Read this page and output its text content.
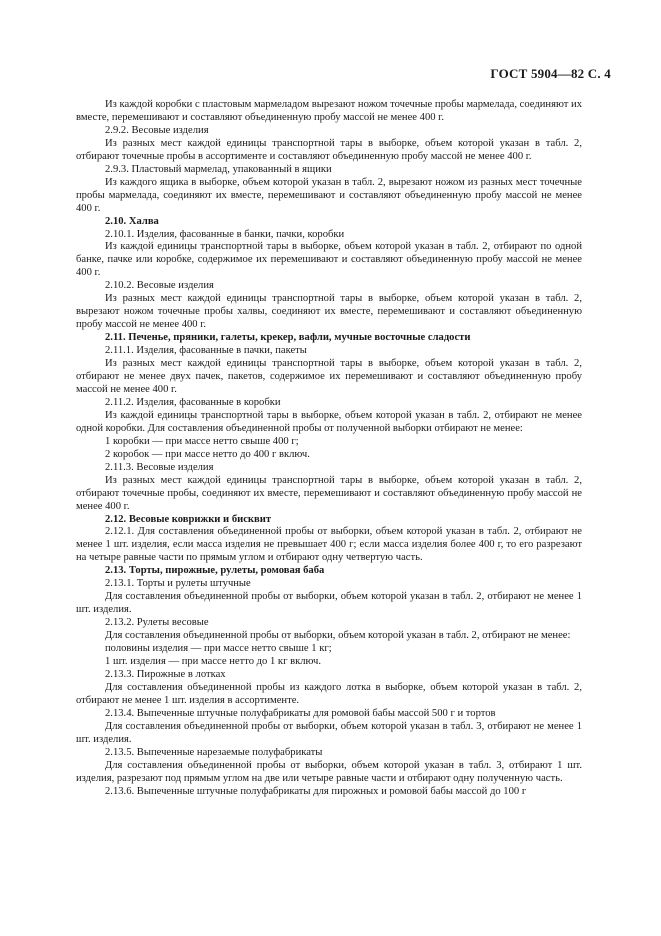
ГОСТ 5904—82 С. 4

Из каждой коробки с пластовым мармеладом вырезают ножом точечные пробы мармелада, соединяют их вместе, перемешивают и составляют объединенную пробу массой не менее 400 г.

2.9.2. Весовые изделия

Из разных мест каждой единицы транспортной тары в выборке, объем которой указан в табл. 2, отбирают точечные пробы в ассортименте и составляют объединенную пробу массой не менее 400 г.

2.9.3. Пластовый мармелад, упакованный в ящики

Из каждого ящика в выборке, объем которой указан в табл. 2, вырезают ножом из разных мест точечные пробы мармелада, соединяют их вместе, перемешивают и составляют объединенную пробу массой не менее 400 г.

2.10. Халва

2.10.1. Изделия, фасованные в банки, пачки, коробки

Из каждой единицы транспортной тары в выборке, объем которой указан в табл. 2, отбирают по одной банке, пачке или коробке, содержимое их перемешивают и составляют объединенную пробу массой не менее 400 г.

2.10.2. Весовые изделия

Из разных мест каждой единицы транспортной тары в выборке, объем которой указан в табл. 2, вырезают ножом точечные пробы халвы, соединяют их вместе, перемешивают и составляют объединенную пробу массой не менее 400 г.

2.11. Печенье, пряники, галеты, крекер, вафли, мучные восточные сладости

2.11.1. Изделия, фасованные в пачки, пакеты

Из разных мест каждой единицы транспортной тары в выборке, объем которой указан в табл. 2, отбирают не менее двух пачек, пакетов, содержимое их перемешивают и составляют объединенную пробу массой не менее 400 г.

2.11.2. Изделия, фасованные в коробки

Из каждой единицы транспортной тары в выборке, объем которой указан в табл. 2, отбирают не менее одной коробки. Для составления объединенной пробы от полученной выборки отбирают не менее:

1 коробки — при массе нетто свыше 400 г;

2 коробок — при массе нетто до 400 г включ.

2.11.3. Весовые изделия

Из разных мест каждой единицы транспортной тары в выборке, объем которой указан в табл. 2, отбирают точечные пробы, соединяют их вместе, перемешивают и составляют объединенную пробу массой не менее 400 г.

2.12. Весовые коврижки и бисквит

2.12.1. Для составления объединенной пробы от выборки, объем которой указан в табл. 2, отбирают не менее 1 шт. изделия, если масса изделия не превышает 400 г; если масса изделия более 400 г, то его разрезают на четыре равные части по прямым углом и отбирают одну четвертую часть.

2.13. Торты, пирожные, рулеты, ромовая баба

2.13.1. Торты и рулеты штучные

Для составления объединенной пробы от выборки, объем которой указан в табл. 2, отбирают не менее 1 шт. изделия.

2.13.2. Рулеты весовые

Для составления объединенной пробы от выборки, объем которой указан в табл. 2, отбирают не менее:

половины изделия — при массе нетто свыше 1 кг;

1 шт. изделия — при массе нетто до 1 кг включ.

2.13.3. Пирожные в лотках

Для составления объединенной пробы из каждого лотка в выборке, объем которой указан в табл. 2, отбирают не менее 1 шт. изделия в ассортименте.

2.13.4. Выпеченные штучные полуфабрикаты для ромовой бабы массой 500 г и тортов

Для составления объединенной пробы от выборки, объем которой указан в табл. 3, отбирают не менее 1 шт. изделия.

2.13.5. Выпеченные нарезаемые полуфабрикаты

Для составления объединенной пробы от выборки, объем которой указан в табл. 3, отбирают 1 шт. изделия, разрезают под прямым углом на две или четыре равные части и отбирают одну полученную часть.

2.13.6. Выпеченные штучные полуфабрикаты для пирожных и ромовой бабы массой до 100 г
